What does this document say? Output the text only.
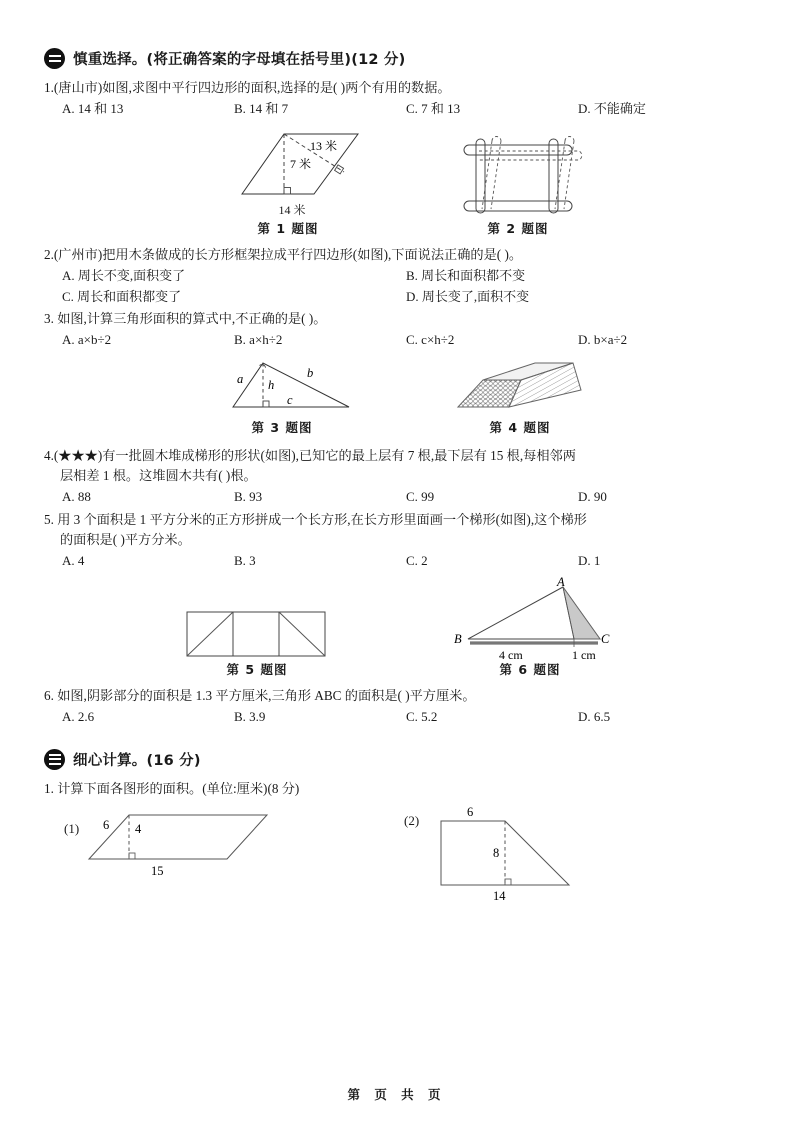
慎重选择。(将正确答案的字母填在括号里)(12 分)
1.(唐山市)如图,求图中平行四边形的面积,选择的是( )两个有用的数据。
A. 14 和 13	B. 14 和 7	C. 7 和 13	D. 不能确定
7 米
13 米
14 米
第 1 题图	第 2 题图
2.(广州市)把用木条做成的长方形框架拉成平行四边形(如图),下面说法正确的是( )。
A. 周长不变,面积变了	B. 周长和面积都不变
C. 周长和面积都变了	D. 周长变了,面积不变
3. 如图,计算三角形面积的算式中,不正确的是( )。
A. a×b÷2	B. a×h÷2	C. c×h÷2	D. b×a÷2
a	b
c
h
第 3 题图	第 4 题图
4.(★★★)有一批圆木堆成梯形的形状(如图),已知它的最上层有 7 根,最下层有 15 根,每相邻两
层相差 1 根。这堆圆木共有( )根。
A. 88	B. 93	C. 99	D. 90
5. 用 3 个面积是 1 平方分米的正方形拼成一个长方形,在长方形里面画一个梯形(如图),这个梯形
的面积是( )平方分米。
A. 4	B. 3	C. 2	D. 1
第 5 题图
A
B	C
4 cm	1 cm
第 6 题图
6. 如图,阴影部分的面积是 1.3 平方厘米,三角形 ABC 的面积是( )平方厘米。
A. 2.6	B. 3.9	C. 5.2	D. 6.5
细心计算。(16 分)
1. 计算下面各图形的面积。(单位:厘米)(8 分)
(1) 6 4
15
(2)
6
8
14
第 页 共 页
